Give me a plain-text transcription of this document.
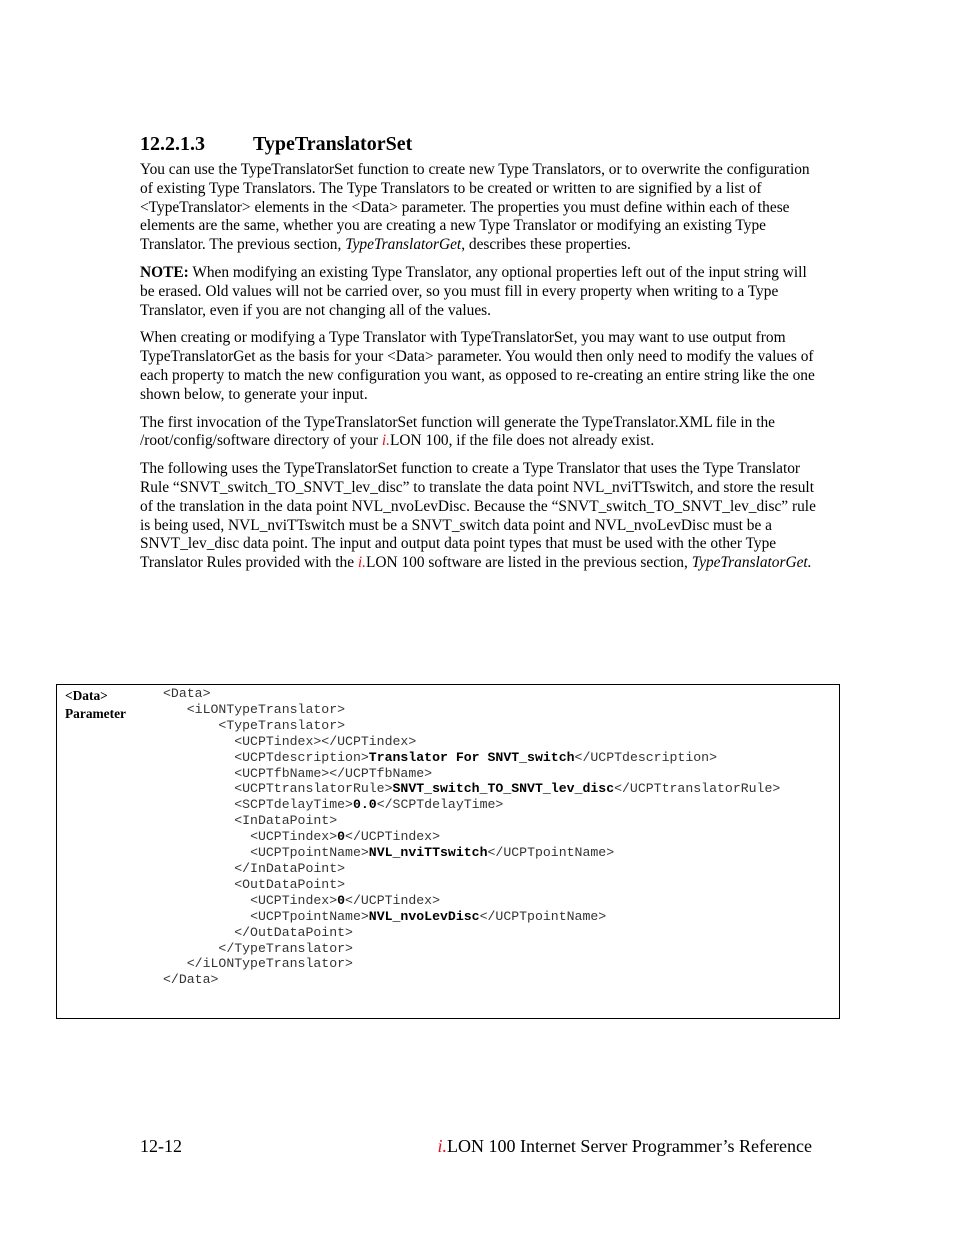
12.2.1.3 TypeTranslatorSet

You can use the TypeTranslatorSet function to create new Type Translators, or to overwrite the configuration of existing Type Translators. The Type Translators to be created or written to are signified by a list of <TypeTranslator> elements in the <Data> parameter. The properties you must define within each of these elements are the same, whether you are creating a new Type Translator or modifying an existing Type Translator. The previous section, TypeTranslatorGet, describes these properties.

NOTE: When modifying an existing Type Translator, any optional properties left out of the input string will be erased. Old values will not be carried over, so you must fill in every property when writing to a Type Translator, even if you are not changing all of the values.

When creating or modifying a Type Translator with TypeTranslatorSet, you may want to use output from TypeTranslatorGet as the basis for your <Data> parameter. You would then only need to modify the values of each property to match the new configuration you want, as opposed to re-creating an entire string like the one shown below, to generate your input.

The first invocation of the TypeTranslatorSet function will generate the TypeTranslator.XML file in the /root/config/software directory of your i.LON 100, if the file does not already exist.

The following uses the TypeTranslatorSet function to create a Type Translator that uses the Type Translator Rule “SNVT_switch_TO_SNVT_lev_disc” to translate the data point NVL_nviTTswitch, and store the result of the translation in the data point NVL_nvoLevDisc. Because the “SNVT_switch_TO_SNVT_lev_disc” rule is being used, NVL_nviTTswitch must be a SNVT_switch data point and NVL_nvoLevDisc must be a SNVT_lev_disc data point. The input and output data point types that must be used with the other Type Translator Rules provided with the i.LON 100 software are listed in the previous section, TypeTranslatorGet.

<Data>
Parameter
<Data>
<iLONTypeTranslator>
<TypeTranslator>
<UCPTindex></UCPTindex>
<UCPTdescription>Translator For SNVT_switch</UCPTdescription>
<UCPTfbName></UCPTfbName>
<UCPTtranslatorRule>SNVT_switch_TO_SNVT_lev_disc</UCPTtranslatorRule>
<SCPTdelayTime>0.0</SCPTdelayTime>
<InDataPoint>
<UCPTindex>0</UCPTindex>
<UCPTpointName>NVL_nviTTswitch</UCPTpointName>
</InDataPoint>
<OutDataPoint>
<UCPTindex>0</UCPTindex>
<UCPTpointName>NVL_nvoLevDisc</UCPTpointName>
</OutDataPoint>
</TypeTranslator>
</iLONTypeTranslator>
</Data>
12-12	i.LON 100 Internet Server Programmer’s Reference
